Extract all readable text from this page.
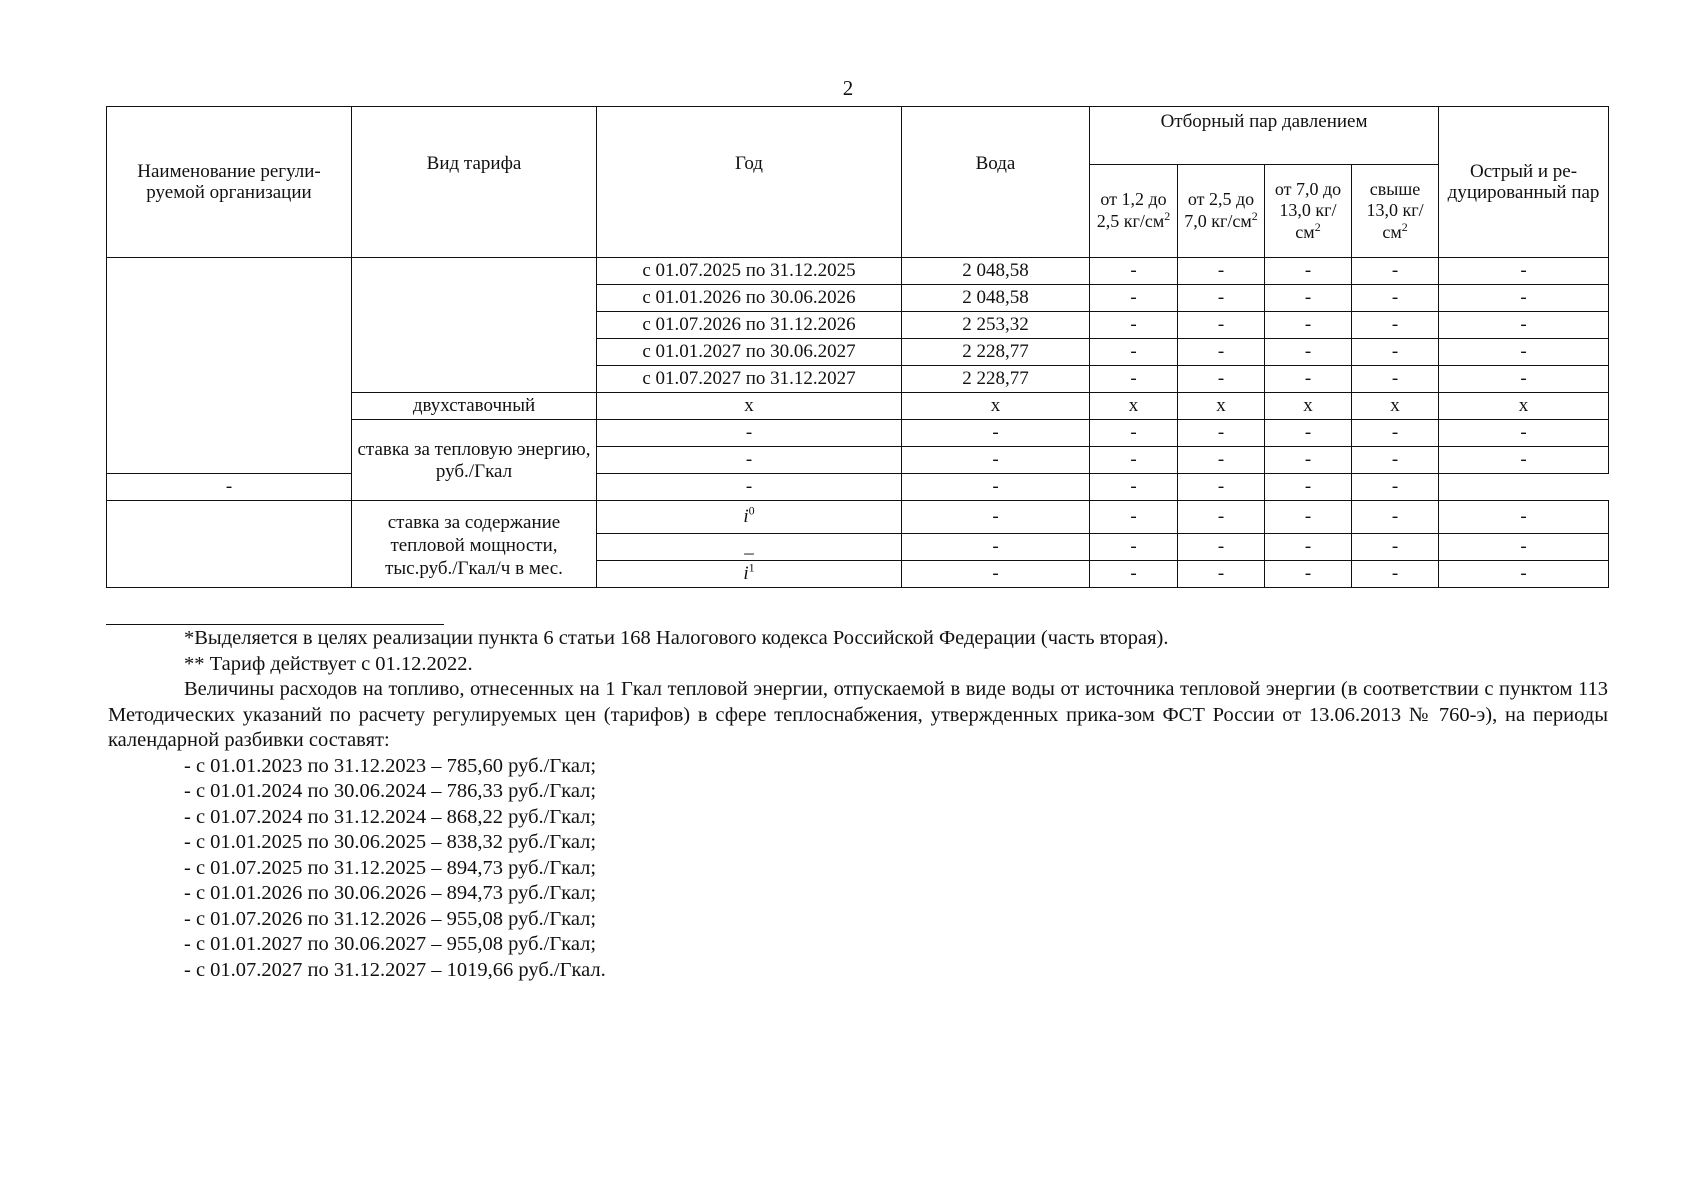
2
Наименование регули-руемой организации	Вид тарифа	Год	Вода	Отборный пар давлением				Острый и ре-дуцированный пар
				от 1,2 до 2,5 $кг/см^2$	от 2,5 до 7,0 $кг/см^2$	от 7,0 до 13,0 $кг/см^2$	свыше 13,0 $кг/см^2$
		с 01.07.2025 по 31.12.2025	2 048,58	-	-	-	-	-
		с 01.01.2026 по 30.06.2026	2 048,58	-	-	-	-	-
		с 01.07.2026 по 31.12.2026	2 253,32	-	-	-	-	-
		с 01.01.2027 по 30.06.2027	2 228,77	-	-	-	-	-
		с 01.07.2027 по 31.12.2027	2 228,77	-	-	-	-	-
	двухставочный	x	x	x	x	x	x	x
	ставка за тепловую энергию, руб./Гкал	-	-	-	-	-	-	-
		-	-	-	-	-	-	-
-		-	-	-	-	-	-	
	ставка за содержание тепловой мощности, тыс.руб./Гкал/ч в мес.	$i^0$	-	-	-	-	-	-
		_	-	-	-	-	-	-
		$i^1$	-	-	-	-	-	-

*Выделяется в целях реализации пункта 6 статьи 168 Налогового кодекса Российской Федерации (часть вторая).

** Тариф действует с 01.12.2022.

Величины расходов на топливо, отнесенных на 1 Гкал тепловой энергии, отпускаемой в виде воды от источника тепловой энергии (в соответствии с пунктом 113 Методических указаний по расчету регулируемых цен (тарифов) в сфере теплоснабжения, утвержденных прика-зом ФСТ России от 13.06.2013 № 760-э), на периоды календарной разбивки составят:

- с 01.01.2023 по 31.12.2023 – 785,60 руб./Гкал;
- с 01.01.2024 по 30.06.2024 – 786,33 руб./Гкал;
- с 01.07.2024 по 31.12.2024 – 868,22 руб./Гкал;
- с 01.01.2025 по 30.06.2025 – 838,32 руб./Гкал;
- с 01.07.2025 по 31.12.2025 – 894,73 руб./Гкал;
- с 01.01.2026 по 30.06.2026 – 894,73 руб./Гкал;
- с 01.07.2026 по 31.12.2026 – 955,08 руб./Гкал;
- с 01.01.2027 по 30.06.2027 – 955,08 руб./Гкал;
- с 01.07.2027 по 31.12.2027 – 1019,66 руб./Гкал.
